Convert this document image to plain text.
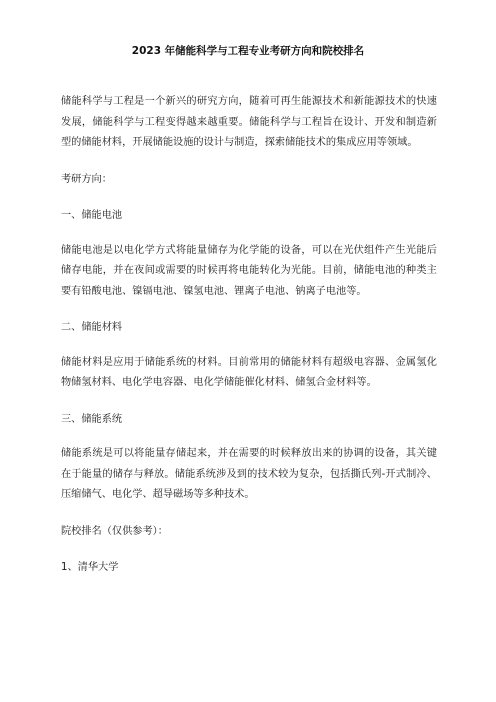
2023 年储能科学与工程专业考研方向和院校排名

储能科学与工程是一个新兴的研究方向，随着可再生能源技术和新能源技术的快速发展，储能科学与工程变得越来越重要。储能科学与工程旨在设计、开发和制造新型的储能材料，开展储能设施的设计与制造，探索储能技术的集成应用等领域。

考研方向：

一、储能电池

储能电池是以电化学方式将能量储存为化学能的设备，可以在光伏组件产生光能后储存电能，并在夜间或需要的时候再将电能转化为光能。目前，储能电池的种类主要有铅酸电池、镍镉电池、镍氢电池、锂离子电池、钠离子电池等。

二、储能材料

储能材料是应用于储能系统的材料。目前常用的储能材料有超级电容器、金属氢化物储氢材料、电化学电容器、电化学储能催化材料、储氢合金材料等。

三、储能系统

储能系统是可以将能量存储起来，并在需要的时候释放出来的协调的设备，其关键在于能量的储存与释放。储能系统涉及到的技术较为复杂，包括撕氏列-开式制冷、压缩储气、电化学、超导磁场等多种技术。

院校排名（仅供参考）：

1、清华大学
